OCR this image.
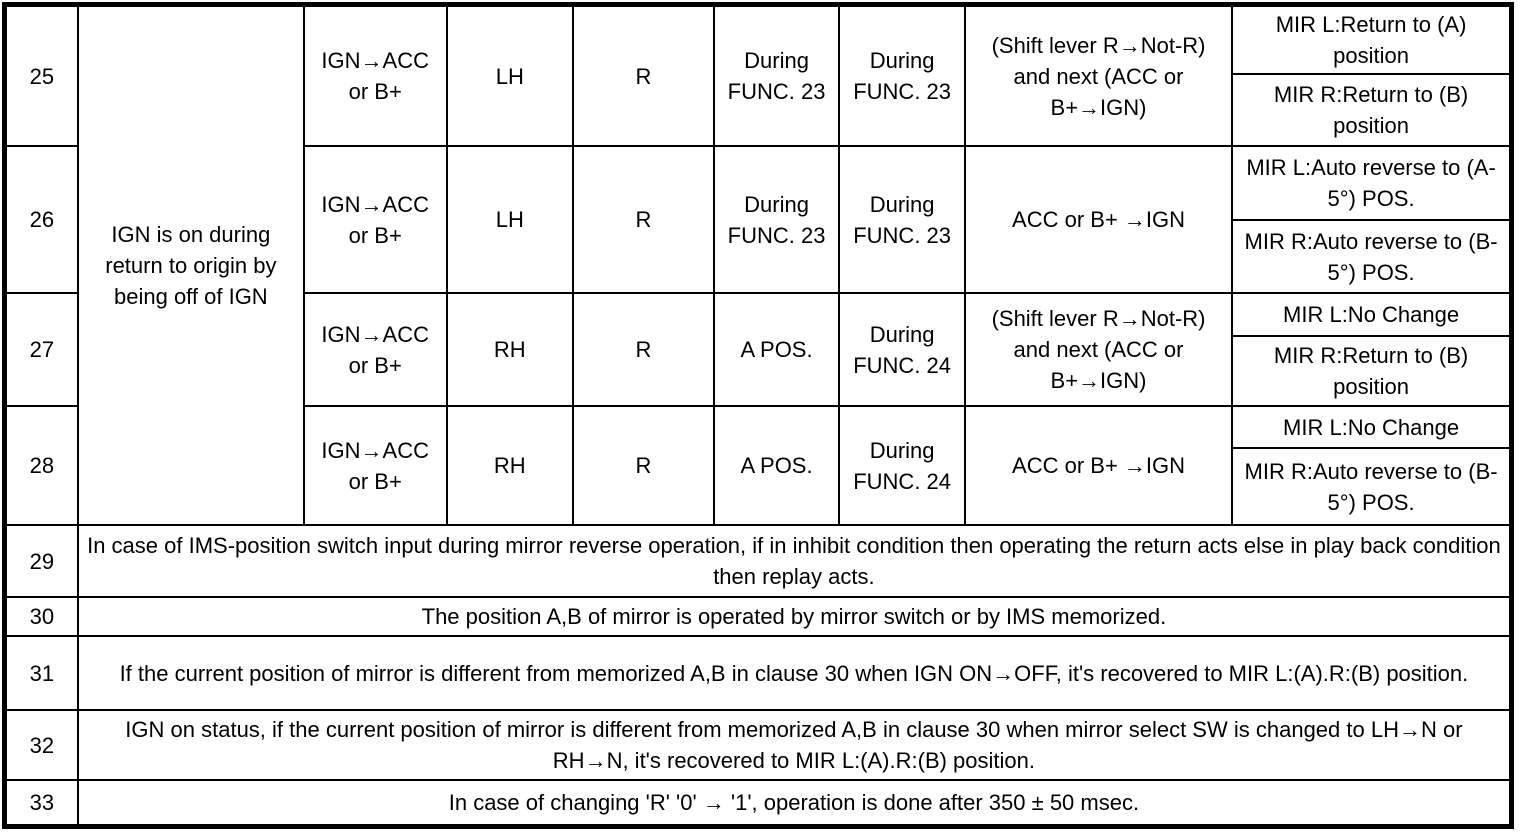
25	IGN is on during return to origin by being off of IGN	IGN→ACC or B+	LH	R	During FUNC. 23	During FUNC. 23	(Shift lever R→Not-R) and next (ACC or B+→IGN)	MIR L:Return to (A) position
								MIR R:Return to (B) position
26		IGN→ACC or B+	LH	R	During FUNC. 23	During FUNC. 23	ACC or B+ →IGN	MIR L:Auto reverse to (A-5°) POS.
								MIR R:Auto reverse to (B-5°) POS.
27		IGN→ACC or B+	RH	R	A POS.	During FUNC. 24	(Shift lever R→Not-R) and next (ACC or B+→IGN)	MIR L:No Change
								MIR R:Return to (B) position
28		IGN→ACC or B+	RH	R	A POS.	During FUNC. 24	ACC or B+ →IGN	MIR L:No Change
								MIR R:Auto reverse to (B-5°) POS.
29	In case of IMS-position switch input during mirror reverse operation, if in inhibit condition then operating the return acts else in play back condition then replay acts.							
30	The position A,B of mirror is operated by mirror switch or by IMS memorized.							
31	If the current position of mirror is different from memorized A,B in clause 30 when IGN ON→OFF, it's recovered to MIR L:(A).R:(B) position.							
32	IGN on status, if the current position of mirror is different from memorized A,B in clause 30 when mirror select SW is changed to LH→N or RH→N, it's recovered to MIR L:(A).R:(B) position.							
33	In case of changing 'R' '0' → '1', operation is done after 350 ± 50 msec.							
